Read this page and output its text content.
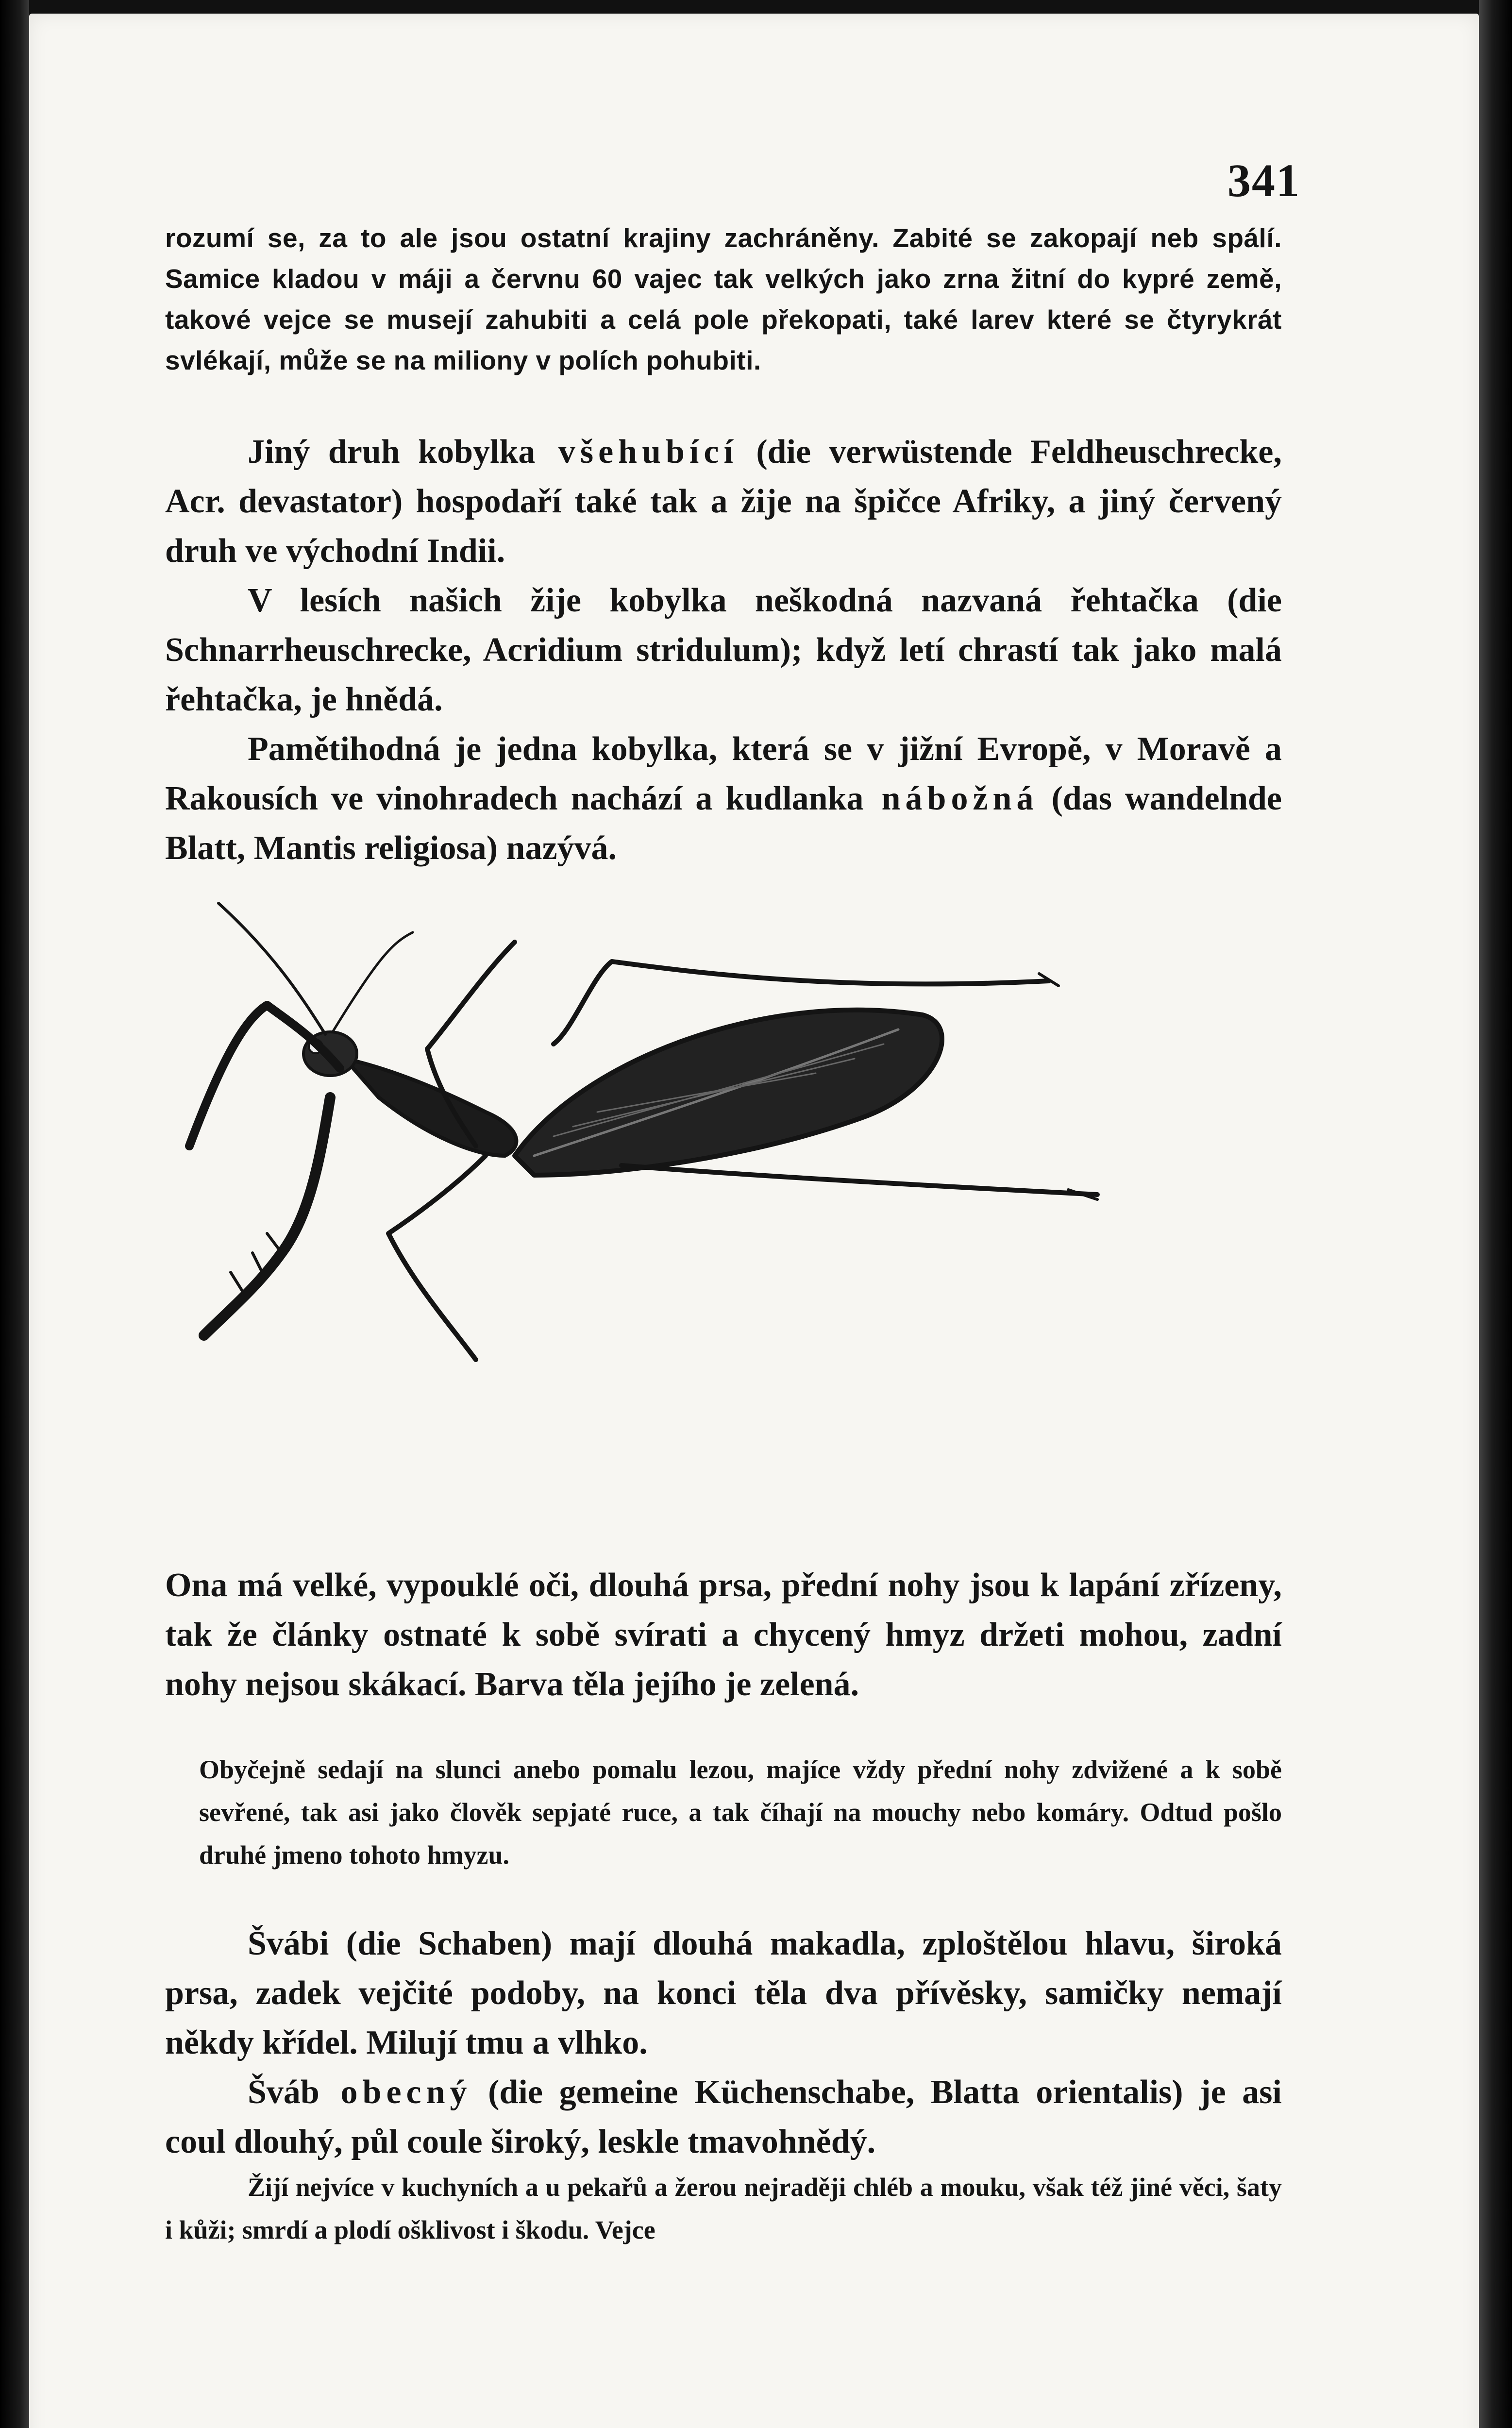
341

rozumí se, za to ale jsou ostatní krajiny zachráněny. Zabité se zakopají neb spálí. Samice kladou v máji a červnu 60 vajec tak velkých jako zrna žitní do kypré země, takové vejce se musejí zahubiti a celá pole překopati, také larev které se čtyrykrát svlékají, může se na miliony v polích pohubiti.

Jiný druh kobylka všehubící (die verwüstende Feldheuschrecke, Acr. devastator) hospodaří také tak a žije na špičce Afriky, a jiný červený druh ve východní Indii.

V lesích našich žije kobylka neškodná nazvaná řehtačka (die Schnarrheuschrecke, Acridium stridulum); když letí chrastí tak jako malá řehtačka, je hnědá.

Pamětihodná je jedna kobylka, která se v jižní Evropě, v Moravě a Rakousích ve vinohradech nachází a kudlanka nábožná (das wandelnde Blatt, Mantis religiosa) nazývá.

Ona má velké, vypouklé oči, dlouhá prsa, přední nohy jsou k lapání zřízeny, tak že články ostnaté k sobě svírati a chycený hmyz držeti mohou, zadní nohy nejsou skákací. Barva těla jejího je zelená.

Obyčejně sedají na slunci anebo pomalu lezou, majíce vždy přední nohy zdvižené a k sobě sevřené, tak asi jako člověk sepjaté ruce, a tak číhají na mouchy nebo komáry. Odtud pošlo druhé jmeno tohoto hmyzu.

Švábi (die Schaben) mají dlouhá makadla, zploštělou hlavu, široká prsa, zadek vejčité podoby, na konci těla dva přívěsky, samičky nemají někdy křídel. Milují tmu a vlhko.

Šváb obecný (die gemeine Küchenschabe, Blatta orientalis) je asi coul dlouhý, půl coule široký, leskle tmavohnědý.

Žijí nejvíce v kuchyních a u pekařů a žerou nejraději chléb a mouku, však též jiné věci, šaty i kůži; smrdí a plodí ošklivost i škodu. Vejce
